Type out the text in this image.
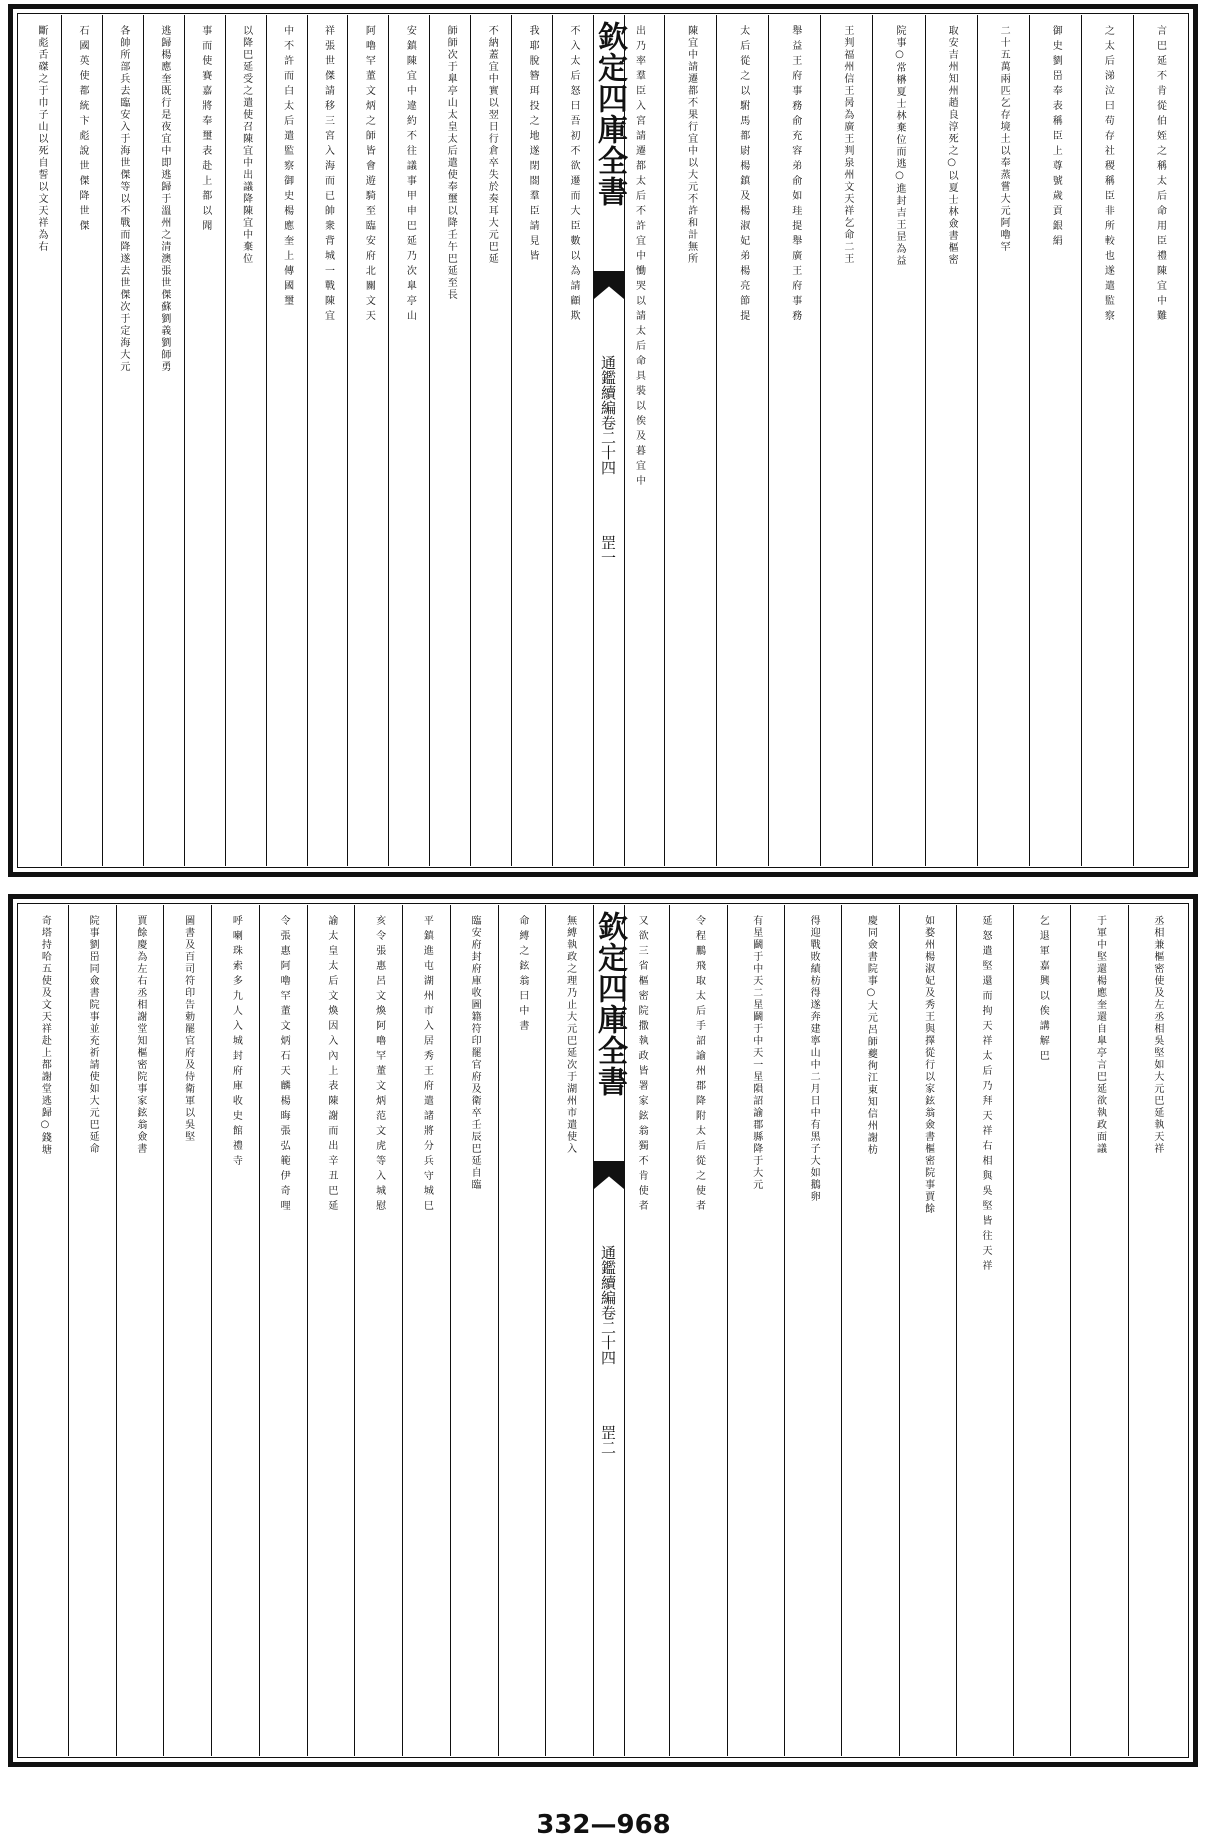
言巴延不肯從伯姪之稱太后命用臣禮陳宜中難
之太后涕泣曰苟存社稷稱臣非所較也遂遣監察
御史劉岊奉表稱臣上尊號歲貢銀絹
二十五萬兩匹乞存境土以奉蒸嘗大元阿嚕罕
取安吉州知州趙良淳死之○以夏士林僉書樞密
院事○常楙夏士林棄位而逃○進封吉王昰為益
王判福州信王昺為廣王判泉州文天祥乞命二王
舉益王府事務俞充容弟俞如珪提舉廣王府事務
太后從之以駙馬都尉楊鎮及楊淑妃弟楊亮節提
陳宜中請遷都不果行宜中以大元不許和計無所
出乃率羣臣入宮請遷都太后不許宜中慟哭以請太后命具裝以俟及暮宜中
欽定四庫全書
通鑑續編卷二十四
罡一
不入太后怒曰吾初不欲遷而大臣數以為請顧欺
我耶脫簪珥投之地遂閉閤羣臣請見皆
不納蓋宜中實以翌日行倉卒失於奏耳大元巴延
師師次于臯亭山太皇太后遣使奉璽以降壬午巴延至長
安鎮陳宜中違約不往議事甲申巴延乃次臯亭山
阿嚕罕董文炳之師皆會遊騎至臨安府北關文天
祥張世傑請移三宮入海而已帥衆背城一戰陳宜
中不許而白太后遣監察御史楊應奎上傳國璽
以降巴延受之遣使召陳宜中出議降陳宜中棄位
事而使賽嘉將奉璽表赴上都以聞
逃歸楊應奎既行是夜宜中即逃歸于溫州之清澳張世傑蘇劉義劉師勇
各帥所部兵去臨安入于海世傑等以不戰而降遂去世傑次于定海大元
石國英使都統卞彪說世傑降世傑
斷彪舌磔之于巾子山以死自誓以文天祥為右
丞相兼樞密使及左丞相吳堅如大元巴延執天祥
于軍中堅還楊應奎還自臯亭言巴延欲執政面議
乞退軍嘉興以俟講解巴
延怒遣堅還而拘天祥太后乃拜天祥右相與吳堅皆往天祥
如婺州楊淑妃及秀王與擇從行以家鉉翁僉書樞密院事賈餘
慶同僉書院事○大元呂師夔徇江東知信州謝枋
得迎戰敗績枋得遂奔建寧山中二月日中有黑子大如鵝卵
有星鬬于中天二星鬬于中天一星隕詔諭郡縣降于大元
令程鵬飛取太后手詔諭州郡降附太后從之使者
又欲三省樞密院撒執政皆署家鉉翁獨不肯使者
欽定四庫全書
通鑑續編卷二十四
罡二
無縛執政之理乃止大元巴延次于湖州市遣使入
命縛之鉉翁曰中書
臨安府封府庫收圖籍符印罷官府及衛卒壬辰巴延自臨
平鎮進屯湖州市入居秀王府遣諸將分兵守城巳
亥令張惠呂文煥阿嚕罕董文炳范文虎等入城慰
諭太皇太后文煥因入內上表陳謝而出辛丑巴延
令張惠阿嚕罕董文炳石天麟楊晦張弘範伊奇哩
呼喇珠索多九人入城封府庫收史館禮寺
圖書及百司符印告勅罷官府及侍衛軍以吳堅
賈餘慶為左右丞相謝堂知樞密院事家鉉翁僉書
院事劉岊同僉書院事並充祈請使如大元巴延命
奇塔持哈五使及文天祥赴上都謝堂逃歸○錢塘
332—968
